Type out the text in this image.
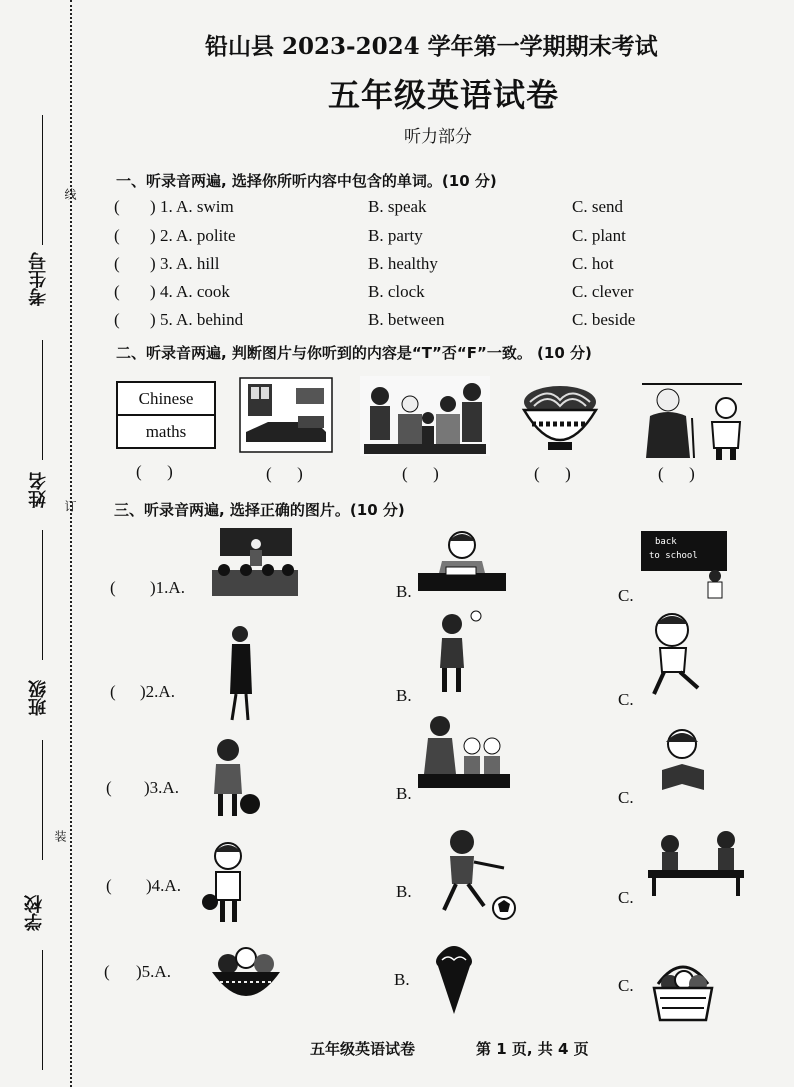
线
订
装
考生号
姓名
班级
学校
铅山县 2023-2024 学年第一学期期末考试
五年级英语试卷
听力部分
一、听录音两遍, 选择你所听内容中包含的单词。(10 分)
( ) 1. A. swim	B. speak	C. send
( ) 2. A. polite	B. party	C. plant
( ) 3. A. hill	B. healthy	C. hot
( ) 4. A. cook	B. clock	C. clever
( ) 5. A. behind	B. between	C. beside
二、听录音两遍, 判断图片与你听到的内容是“T”否“F”一致。 (10 分)
Chinese
maths
(      )	(      )	(      )	(      )	(      )
三、听录音两遍, 选择正确的图片。(10 分)
( )1.A.	B.	C.
back
to school
( )2.A.	B.	C.
( )3.A.	B.	C.
( )4.A.	B.	C.
( )5.A.	B.	C.
五年级英语试卷	第 1 页, 共 4 页
